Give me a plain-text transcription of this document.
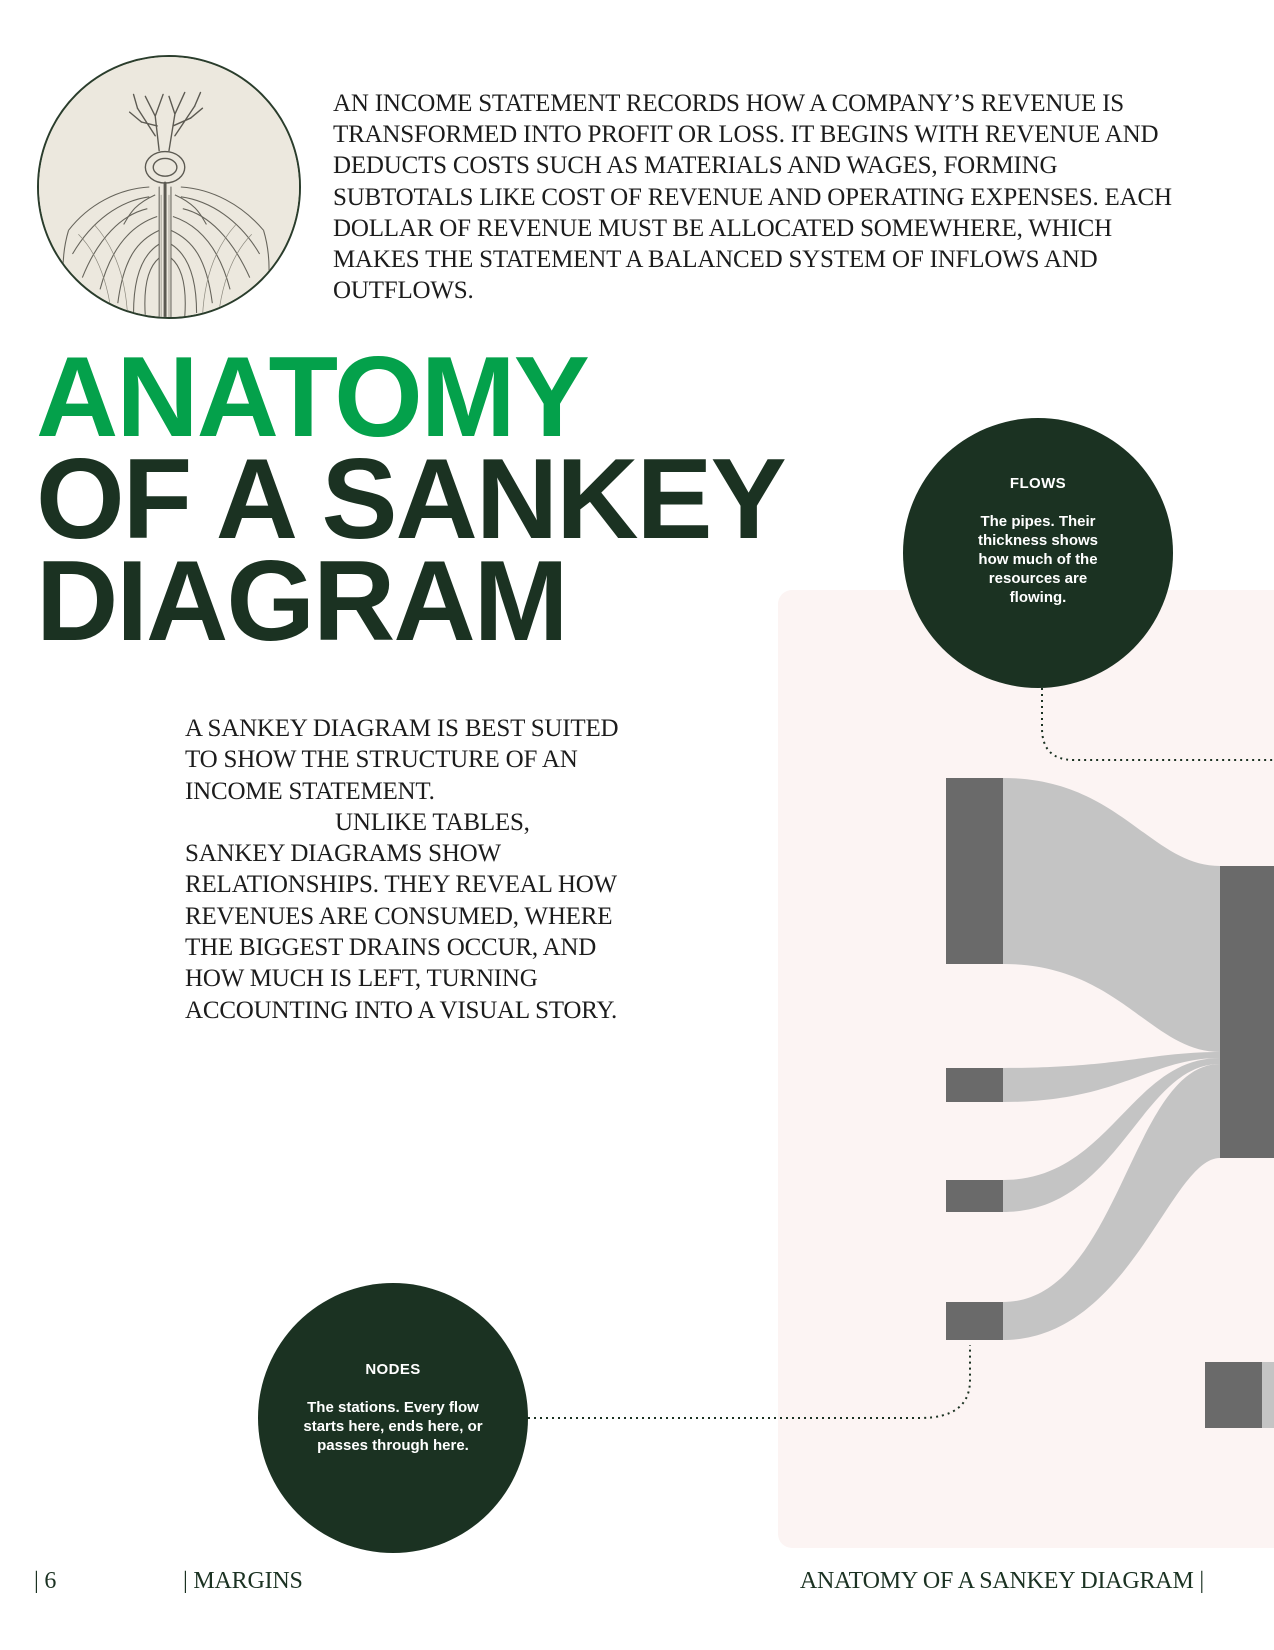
AN INCOME STATEMENT RECORDS HOW A COMPANY’S REVENUE IS TRANSFORMED INTO PROFIT OR LOSS. IT BEGINS WITH REVENUE AND DEDUCTS COSTS SUCH AS MATERIALS AND WAGES, FORMING SUBTOTALS LIKE COST OF REVENUE AND OPERATING EXPENSES. EACH DOLLAR OF REVENUE MUST BE ALLOCATED SOMEWHERE, WHICH MAKES THE STATEMENT A BALANCED SYSTEM OF INFLOWS AND OUTFLOWS.
ANATOMY
OF A SANKEY
DIAGRAM
A SANKEY DIAGRAM IS BEST SUITED TO SHOW THE STRUCTURE OF AN INCOME STATEMENT.
UNLIKE TABLES,
SANKEY DIAGRAMS SHOW RELATIONSHIPS. THEY REVEAL HOW REVENUES ARE CONSUMED, WHERE THE BIGGEST DRAINS OCCUR, AND HOW MUCH IS LEFT, TURNING ACCOUNTING INTO A VISUAL STORY.
FLOWS
The pipes. Their thickness shows how much of the resources are flowing.
NODES
The stations. Every flow starts here, ends here, or passes through here.
| 6	| MARGINS	ANATOMY OF A SANKEY DIAGRAM |
